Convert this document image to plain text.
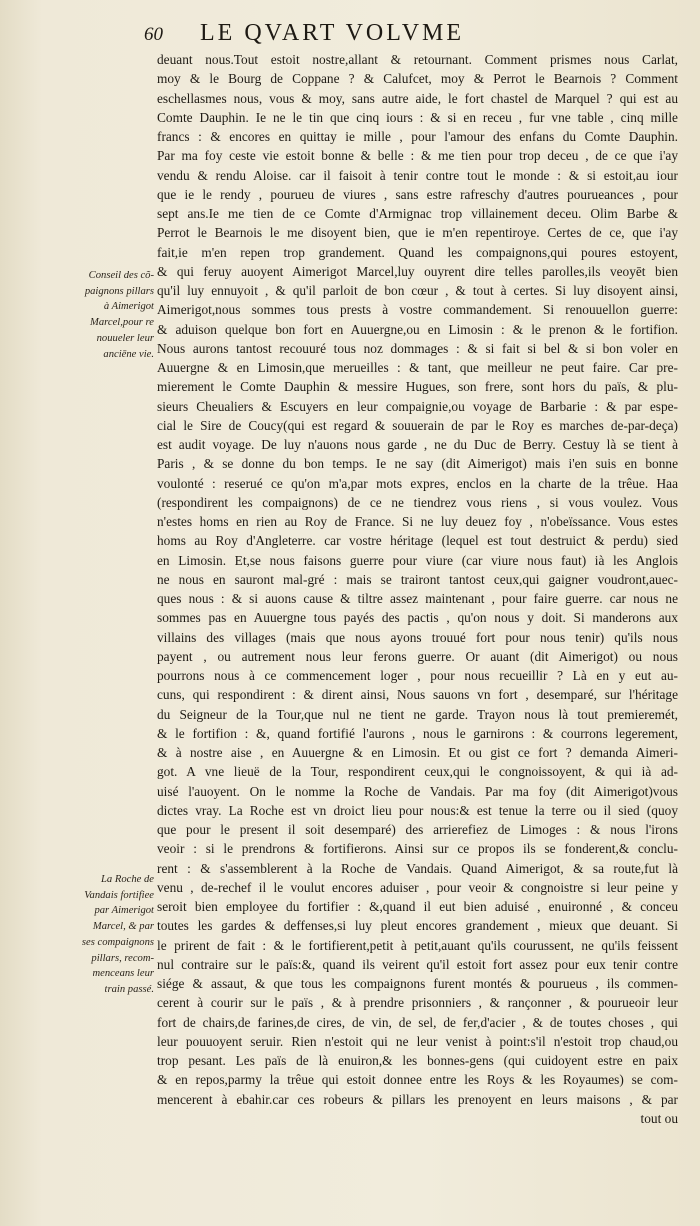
60 LE QVART VOLVME
Conseil des cõ-
paignons pillars
à Aimerigot
Marcel,pour re
nouueler leur
anciēne vie.
La Roche de
Vandais fortifiee
par Aimerigot
Marcel, & par
ses compaignons
pillars, recom-
menceans leur
train passé.
deuant nous.Tout estoit nostre,allant & retournant. Comment prismes nous Carlat,
moy & le Bourg de Coppane ? & Calufcet, moy & Perrot le Bearnois ? Comment
eschellasmes nous, vous & moy, sans autre aide, le fort chastel de Marquel ? qui est au
Comte Dauphin. Ie ne le tin que cinq iours : & si en receu , fur vne table , cinq mille
francs : & encores en quittay ie mille , pour l'amour des enfans du Comte Dauphin.
Par ma foy ceste vie estoit bonne & belle : & me tien pour trop deceu , de ce que i'ay
vendu & rendu Aloise. car il faisoit à tenir contre tout le monde : & si estoit,au iour
que ie le rendy , pourueu de viures , sans estre rafreschy d'autres pourueances , pour
sept ans.Ie me tien de ce Comte d'Armignac trop villainement deceu. Olim Barbe &
Perrot le Bearnois le me disoyent bien, que ie m'en repentiroye. Certes de ce, que i'ay
fait,ie m'en repen trop grandement. Quand les compaignons,qui poures estoyent,
& qui feruy auoyent Aimerigot Marcel,luy ouyrent dire telles parolles,ils veoyēt bien
qu'il luy ennuyoit , & qu'il parloit de bon cœur , & tout à certes. Si luy disoyent ainsi,
Aimerigot,nous sommes tous prests à vostre commandement. Si renouuellon guerre:
& aduison quelque bon fort en Auuergne,ou en Limosin : & le prenon & le fortifion.
Nous aurons tantost recouuré tous noz dommages : & si fait si bel & si bon voler en
Auuergne & en Limosin,que merueilles : & tant, que meilleur ne peut faire. Car pre-
mierement le Comte Dauphin & messire Hugues, son frere, sont hors du païs, & plu-
sieurs Cheualiers & Escuyers en leur compaignie,ou voyage de Barbarie : & par espe-
cial le Sire de Coucy(qui est regard & souuerain de par le Roy es marches de-par-deça)
est audit voyage. De luy n'auons nous garde , ne du Duc de Berry. Cestuy là se tient à
Paris , & se donne du bon temps. Ie ne say (dit Aimerigot) mais i'en suis en bonne
voulonté : reserué ce qu'on m'a,par mots expres, enclos en la charte de la trêue. Haa
(respondirent les compaignons) de ce ne tiendrez vous riens , si vous voulez. Vous
n'estes homs en rien au Roy de France. Si ne luy deuez foy , n'obeïssance. Vous estes
homs au Roy d'Angleterre. car vostre héritage (lequel est tout destruict & perdu) sied
en Limosin. Et,se nous faisons guerre pour viure (car viure nous faut) ià les Anglois
ne nous en sauront mal-gré : mais se trairont tantost ceux,qui gaigner voudront,auec-
ques nous : & si auons cause & tiltre assez maintenant , pour faire guerre. car nous ne
sommes pas en Auuergne tous payés des pactis , qu'on nous y doit. Si manderons aux
villains des villages (mais que nous ayons trouué fort pour nous tenir) qu'ils nous
payent , ou autrement nous leur ferons guerre. Or auant (dit Aimerigot) ou nous
pourrons nous à ce commencement loger , pour nous recueillir ? Là en y eut au-
cuns, qui respondirent : & dirent ainsi, Nous sauons vn fort , desemparé, sur l'héritage
du Seigneur de la Tour,que nul ne tient ne garde. Trayon nous là tout premieremét,
& le fortifion : &, quand fortifié l'aurons , nous le garnirons : & courrons legerement,
& à nostre aise , en Auuergne & en Limosin. Et ou gist ce fort ? demanda Aimeri-
got. A vne lieuë de la Tour, respondirent ceux,qui le congnoissoyent, & qui ià ad-
uisé l'auoyent. On le nomme la Roche de Vandais. Par ma foy (dit Aimerigot)vous
dictes vray. La Roche est vn droict lieu pour nous:& est tenue la terre ou il sied (quoy
que pour le present il soit desemparé) des arrierefiez de Limoges : & nous l'irons
veoir : si le prendrons & fortifierons. Ainsi sur ce propos ils se fonderent,& conclu-
rent : & s'assemblerent à la Roche de Vandais. Quand Aimerigot, & sa route,fut là
venu , de-rechef il le voulut encores aduiser , pour veoir & congnoistre si leur peine y
seroit bien employee du fortifier : &,quand il eut bien aduisé , enuironné , & conceu
toutes les gardes & deffenses,si luy pleut encores grandement , mieux que deuant. Si
le prirent de fait : & le fortifierent,petit à petit,auant qu'ils courussent, ne qu'ils feissent
nul contraire sur le païs:&, quand ils veirent qu'il estoit fort assez pour eux tenir contre
siége & assaut, & que tous les compaignons furent montés & pourueus , ils commen-
cerent à courir sur le païs , & à prendre prisonniers , & rançonner , & pourueoir leur
fort de chairs,de farines,de cires, de vin, de sel, de fer,d'acier , & de toutes choses , qui
leur pouuoyent seruir. Rien n'estoit qui ne leur venist à point:s'il n'estoit trop chaud,ou
trop pesant. Les païs de là enuiron,& les bonnes-gens (qui cuidoyent estre en paix
& en repos,parmy la trêue qui estoit donnee entre les Roys & les Royaumes) se com-
mencerent à ebahir.car ces robeurs & pillars les prenoyent en leurs maisons , & par
tout ou
